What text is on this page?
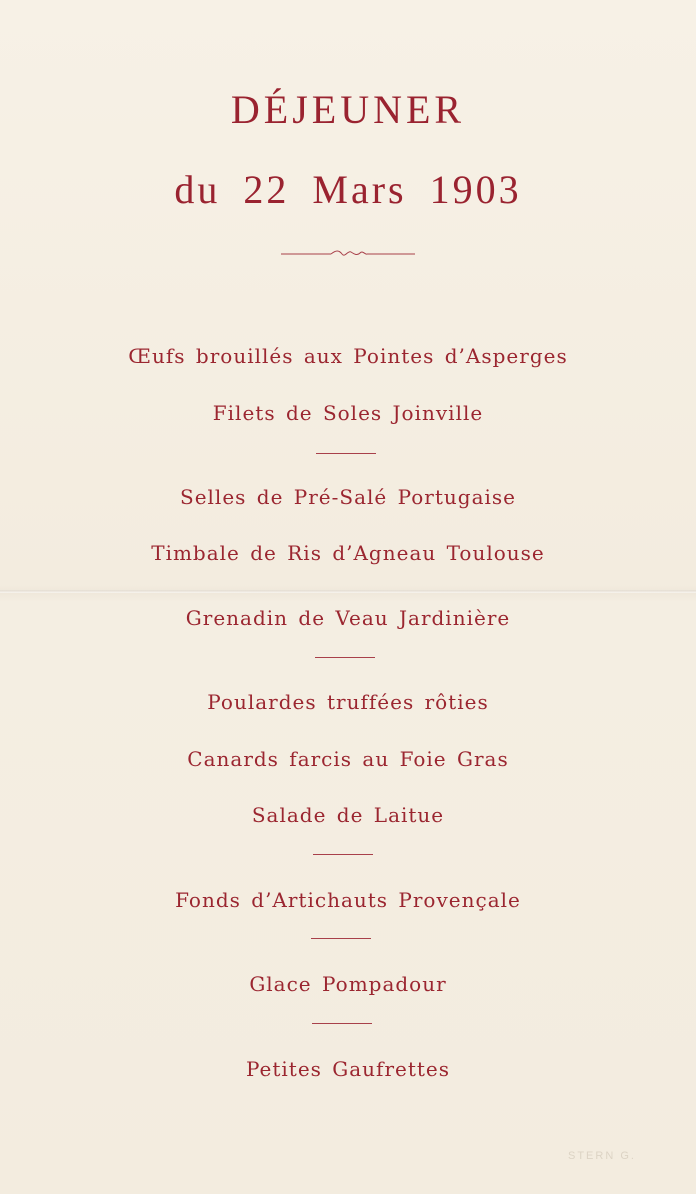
DÉJEUNER
du 22 Mars 1903
Œufs brouillés aux Pointes d’Asperges
Filets de Soles Joinville
Selles de Pré-Salé Portugaise
Timbale de Ris d’Agneau Toulouse
Grenadin de Veau Jardinière
Poulardes truffées rôties
Canards farcis au Foie Gras
Salade de Laitue
Fonds d’Artichauts Provençale
Glace Pompadour
Petites Gaufrettes
STERN G.
